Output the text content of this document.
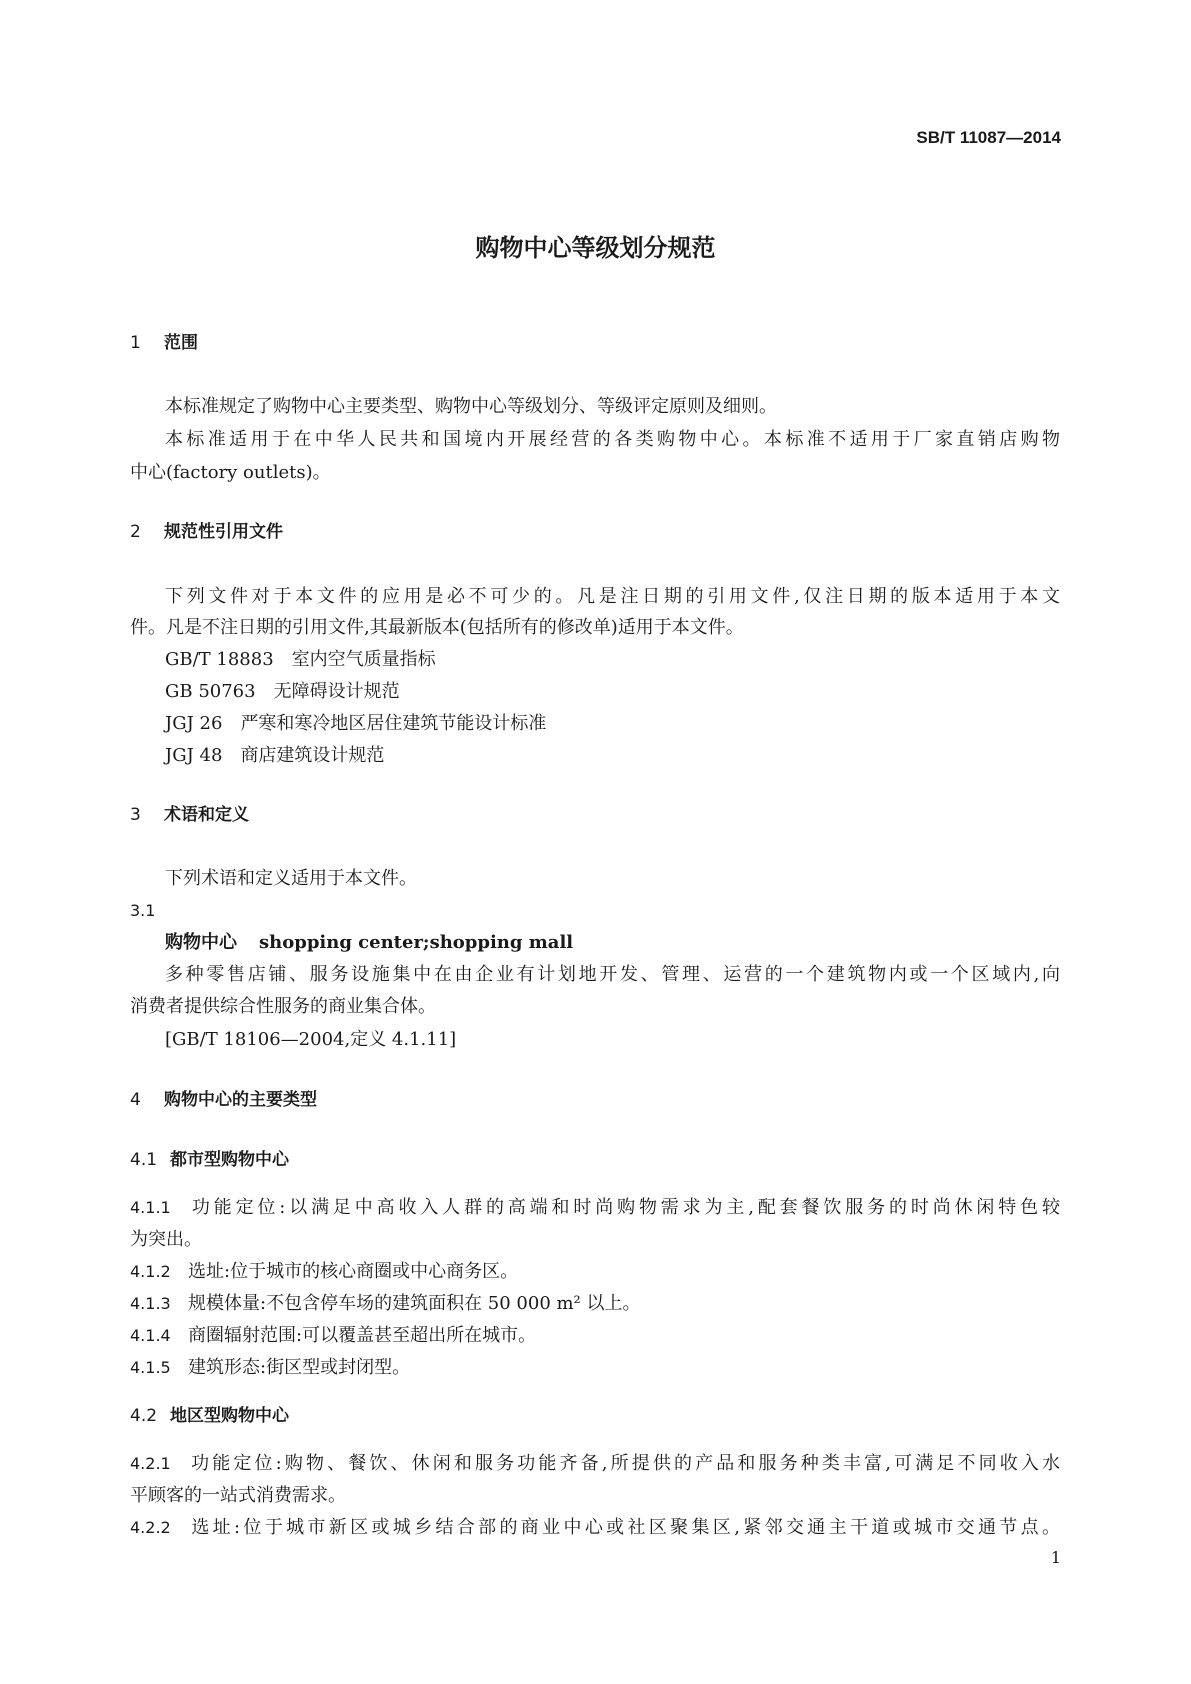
SB/T 11087—2014
购物中心等级划分规范
1 范围
本标准规定了购物中心主要类型、购物中心等级划分、等级评定原则及细则。
本标准适用于在中华人民共和国境内开展经营的各类购物中心。本标准不适用于厂家直销店购物
中心(factory outlets)。
2 规范性引用文件
下列文件对于本文件的应用是必不可少的。凡是注日期的引用文件,仅注日期的版本适用于本文
件。凡是不注日期的引用文件,其最新版本(包括所有的修改单)适用于本文件。
GB/T 18883 室内空气质量指标
GB 50763 无障碍设计规范
JGJ 26 严寒和寒冷地区居住建筑节能设计标准
JGJ 48 商店建筑设计规范
3 术语和定义
下列术语和定义适用于本文件。
3.1
购物中心 shopping center;shopping mall
多种零售店铺、服务设施集中在由企业有计划地开发、管理、运营的一个建筑物内或一个区域内,向
消费者提供综合性服务的商业集合体。
[GB/T 18106—2004,定义 4.1.11]
4 购物中心的主要类型
4.1 都市型购物中心
4.1.1 功能定位:以满足中高收入人群的高端和时尚购物需求为主,配套餐饮服务的时尚休闲特色较
为突出。
4.1.2 选址:位于城市的核心商圈或中心商务区。
4.1.3 规模体量:不包含停车场的建筑面积在 50 000 m² 以上。
4.1.4 商圈辐射范围:可以覆盖甚至超出所在城市。
4.1.5 建筑形态:街区型或封闭型。
4.2 地区型购物中心
4.2.1 功能定位:购物、餐饮、休闲和服务功能齐备,所提供的产品和服务种类丰富,可满足不同收入水
平顾客的一站式消费需求。
4.2.2 选址:位于城市新区或城乡结合部的商业中心或社区聚集区,紧邻交通主干道或城市交通节点。
1
